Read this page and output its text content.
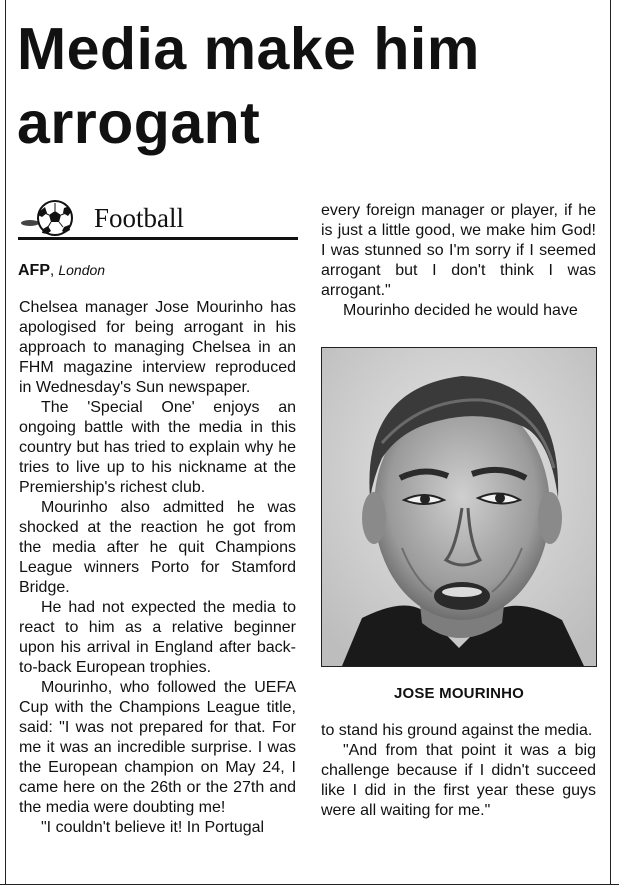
Media make him arrogant
Football
AFP, London

Chelsea manager Jose Mourinho has apologised for being arrogant in his approach to managing Chelsea in an FHM magazine interview reproduced in Wednesday's Sun newspaper.

The 'Special One' enjoys an ongoing battle with the media in this country but has tried to explain why he tries to live up to his nickname at the Premiership's richest club.

Mourinho also admitted he was shocked at the reaction he got from the media after he quit Champions League winners Porto for Stamford Bridge.

He had not expected the media to react to him as a relative beginner upon his arrival in England after back-to-back European trophies.

Mourinho, who followed the UEFA Cup with the Champions League title, said: "I was not prepared for that. For me it was an incredible surprise. I was the European champion on May 24, I came here on the 26th or the 27th and the media were doubting me!

"I couldn't believe it! In Portugal

every foreign manager or player, if he is just a little good, we make him God! I was stunned so I'm sorry if I seemed arrogant but I don't think I was arrogant."

Mourinho decided he would have

JOSE MOURINHO

to stand his ground against the media.

"And from that point it was a big challenge because if I didn't succeed like I did in the first year these guys were all waiting for me."
